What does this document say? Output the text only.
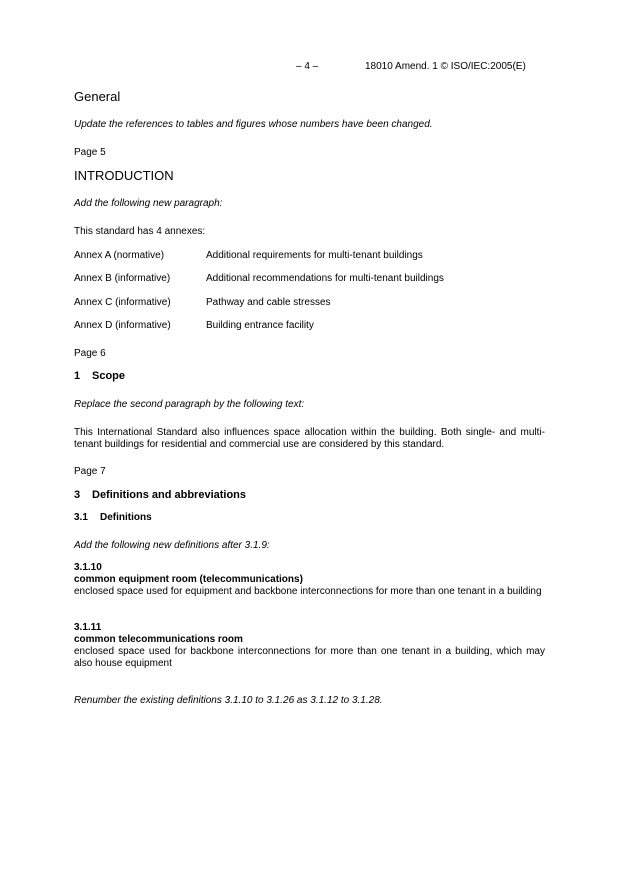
– 4 –	18010 Amend. 1 © ISO/IEC:2005(E)
General
Update the references to tables and figures whose numbers have been changed.
Page 5
INTRODUCTION
Add the following new paragraph:
This standard has 4 annexes:
Annex A (normative)	Additional requirements for multi-tenant buildings
Annex B (informative)	Additional recommendations for multi-tenant buildings
Annex C (informative)	Pathway and cable stresses
Annex D (informative)	Building entrance facility
Page 6
1 Scope
Replace the second paragraph by the following text:
This International Standard also influences space allocation within the building. Both single- and multi-tenant buildings for residential and commercial use are considered by this standard.
Page 7
3 Definitions and abbreviations
3.1 Definitions
Add the following new definitions after 3.1.9:
3.1.10
common equipment room (telecommunications)
enclosed space used for equipment and backbone interconnections for more than one tenant in a building
3.1.11
common telecommunications room
enclosed space used for backbone interconnections for more than one tenant in a building, which may also house equipment
Renumber the existing definitions 3.1.10 to 3.1.26 as 3.1.12 to 3.1.28.
